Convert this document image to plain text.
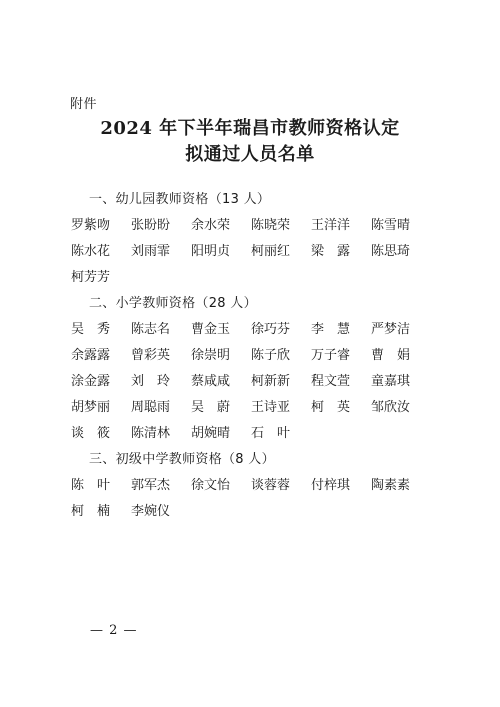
附件
2024 年下半年瑞昌市教师资格认定
拟通过人员名单
一、幼儿园教师资格（13 人）
罗紫吻	张盼盼	余水荣	陈晓荣	王洋洋	陈雪晴
陈水花	刘雨霏	阳明贞	柯丽红	梁露 陈思琦
柯芳芳
二、小学教师资格（28 人）
吴秀 陈志名	曹金玉	徐巧芬	李慧 严梦洁
余露露	曾彩英	徐崇明	陈子欣	万子睿	曹娟
涂金露	刘玲 蔡咸咸	柯新新	程文萱	童嘉琪
胡梦丽	周聪雨	吴蔚 王诗亚	柯英 邹欣汝
谈筱 陈清林	胡婉晴	石叶
三、初级中学教师资格（8 人）
陈叶 郭军杰	徐文怡	谈蓉蓉	付梓琪	陶素素
柯楠 李婉仪
— 2 —
